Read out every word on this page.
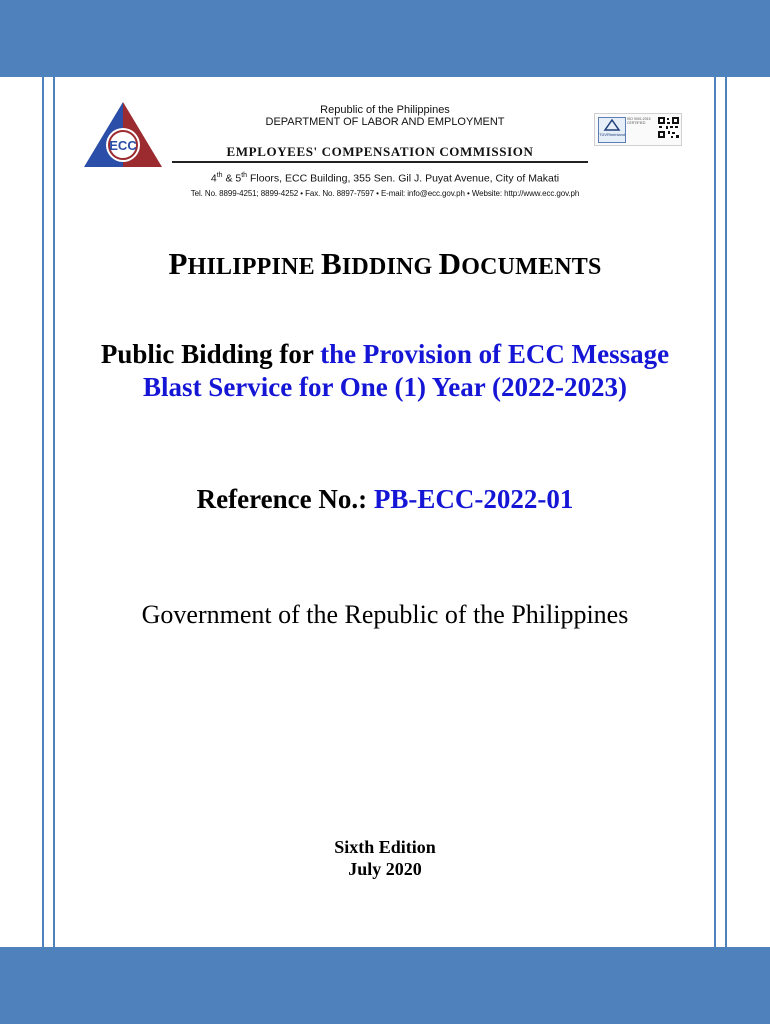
ECC
Republic of the Philippines
DEPARTMENT OF LABOR AND EMPLOYMENT
EMPLOYEES' COMPENSATION COMMISSION
4th & 5th Floors, ECC Building, 355 Sen. Gil J. Puyat Avenue, City of Makati
Tel. No. 8899-4251; 8899-4252 • Fax. No. 8897-7597 • E-mail: info@ecc.gov.ph • Website: http://www.ecc.gov.ph
TÜVRheinland
ISO 9001:2015 CERTIFIED
PHILIPPINE BIDDING DOCUMENTS
Public Bidding for the Provision of ECC Message Blast Service for One (1) Year (2022-2023)
Reference No.: PB-ECC-2022-01
Government of the Republic of the Philippines
Sixth Edition
July 2020
